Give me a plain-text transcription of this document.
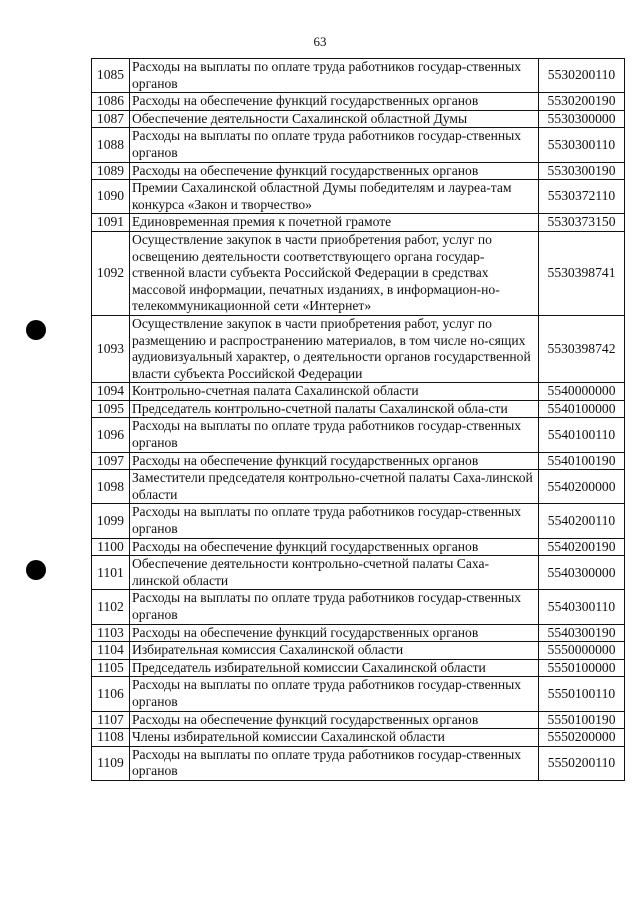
63
1085	Расходы на выплаты по оплате труда работников государ-ственных органов	5530200110
1086	Расходы на обеспечение функций государственных органов	5530200190
1087	Обеспечение деятельности Сахалинской областной Думы	5530300000
1088	Расходы на выплаты по оплате труда работников государ-ственных органов	5530300110
1089	Расходы на обеспечение функций государственных органов	5530300190
1090	Премии Сахалинской областной Думы победителям и лауреа-там конкурса «Закон и творчество»	5530372110
1091	Единовременная премия к почетной грамоте	5530373150
1092	Осуществление закупок в части приобретения работ, услуг по освещению деятельности соответствующего органа государ-ственной власти субъекта Российской Федерации в средствах массовой информации, печатных изданиях, в информацион-но-телекоммуникационной сети «Интернет»	5530398741
1093	Осуществление закупок в части приобретения работ, услуг по размещению и распространению материалов, в том числе но-сящих аудиовизуальный характер, о деятельности органов государственной власти субъекта Российской Федерации	5530398742
1094	Контрольно-счетная палата Сахалинской области	5540000000
1095	Председатель контрольно-счетной палаты Сахалинской обла-сти	5540100000
1096	Расходы на выплаты по оплате труда работников государ-ственных органов	5540100110
1097	Расходы на обеспечение функций государственных органов	5540100190
1098	Заместители председателя контрольно-счетной палаты Саха-линской области	5540200000
1099	Расходы на выплаты по оплате труда работников государ-ственных органов	5540200110
1100	Расходы на обеспечение функций государственных органов	5540200190
1101	Обеспечение деятельности контрольно-счетной палаты Саха-линской области	5540300000
1102	Расходы на выплаты по оплате труда работников государ-ственных органов	5540300110
1103	Расходы на обеспечение функций государственных органов	5540300190
1104	Избирательная комиссия Сахалинской области	5550000000
1105	Председатель избирательной комиссии Сахалинской области	5550100000
1106	Расходы на выплаты по оплате труда работников государ-ственных органов	5550100110
1107	Расходы на обеспечение функций государственных органов	5550100190
1108	Члены избирательной комиссии Сахалинской области	5550200000
1109	Расходы на выплаты по оплате труда работников государ-ственных органов	5550200110
